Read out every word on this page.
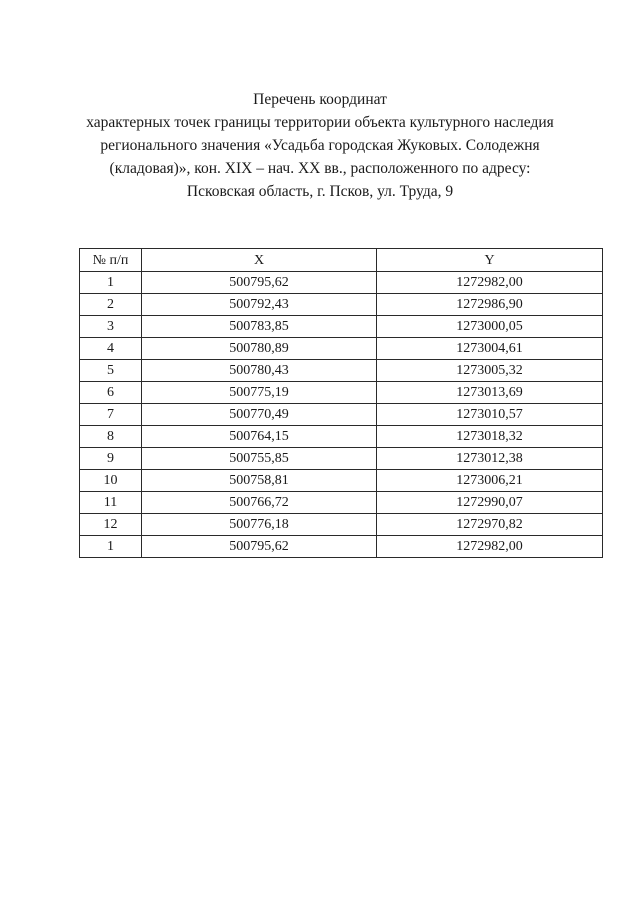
Перечень координат
характерных точек границы территории объекта культурного наследия
регионального значения «Усадьба городская Жуковых. Солодежня
(кладовая)», кон. XIX – нач. XX вв., расположенного по адресу:
Псковская область, г. Псков, ул. Труда, 9
№ п/п	X	Y
1	500795,62	1272982,00
2	500792,43	1272986,90
3	500783,85	1273000,05
4	500780,89	1273004,61
5	500780,43	1273005,32
6	500775,19	1273013,69
7	500770,49	1273010,57
8	500764,15	1273018,32
9	500755,85	1273012,38
10	500758,81	1273006,21
11	500766,72	1272990,07
12	500776,18	1272970,82
1	500795,62	1272982,00
